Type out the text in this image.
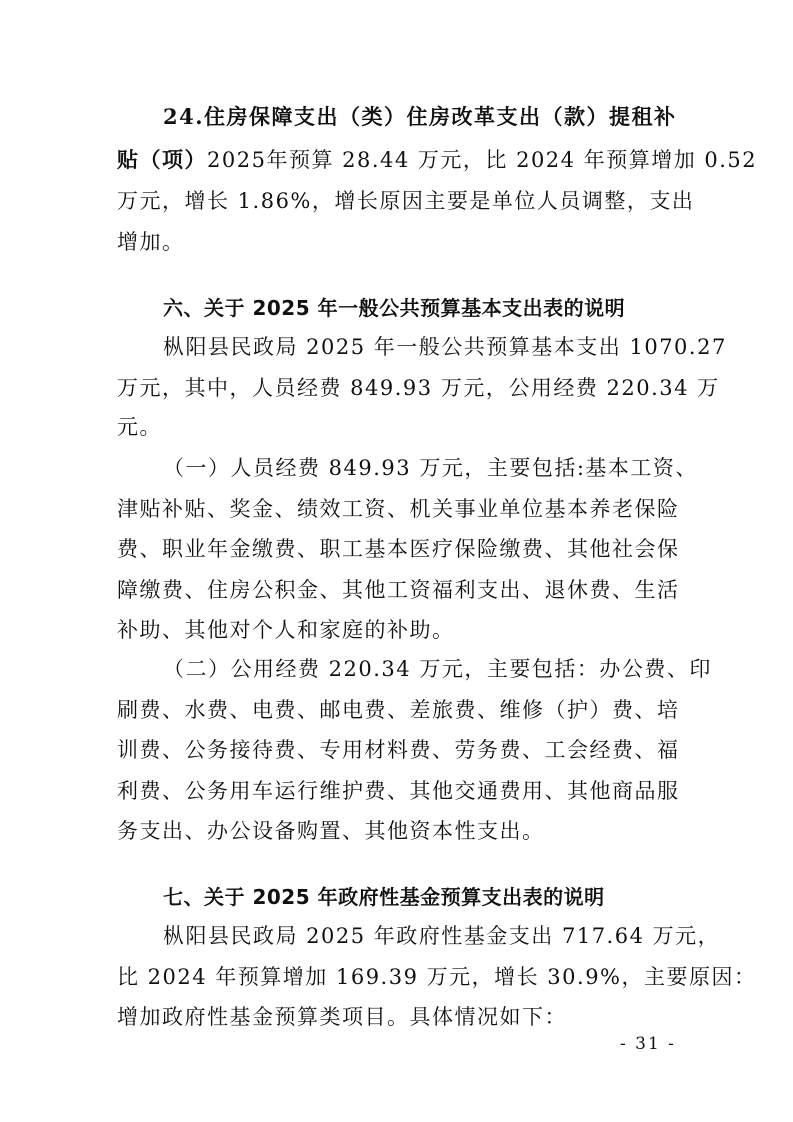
24.住房保障支出（类）住房改革支出（款）提租补
贴（项）2025年预算 28.44 万元，比 2024 年预算增加 0.52
万元，增长 1.86%，增长原因主要是单位人员调整，支出
增加。
六、关于 2025 年一般公共预算基本支出表的说明
枞阳县民政局 2025 年一般公共预算基本支出 1070.27
万元，其中，人员经费 849.93 万元，公用经费 220.34 万
元。
（一）人员经费 849.93 万元，主要包括:基本工资、
津贴补贴、奖金、绩效工资、机关事业单位基本养老保险
费、职业年金缴费、职工基本医疗保险缴费、其他社会保
障缴费、住房公积金、其他工资福利支出、退休费、生活
补助、其他对个人和家庭的补助。
（二）公用经费 220.34 万元，主要包括：办公费、印
刷费、水费、电费、邮电费、差旅费、维修（护）费、培
训费、公务接待费、专用材料费、劳务费、工会经费、福
利费、公务用车运行维护费、其他交通费用、其他商品服
务支出、办公设备购置、其他资本性支出。
七、关于 2025 年政府性基金预算支出表的说明
枞阳县民政局 2025 年政府性基金支出 717.64 万元，
比 2024 年预算增加 169.39 万元，增长 30.9%，主要原因：
增加政府性基金预算类项目。具体情况如下：
- 31 -
